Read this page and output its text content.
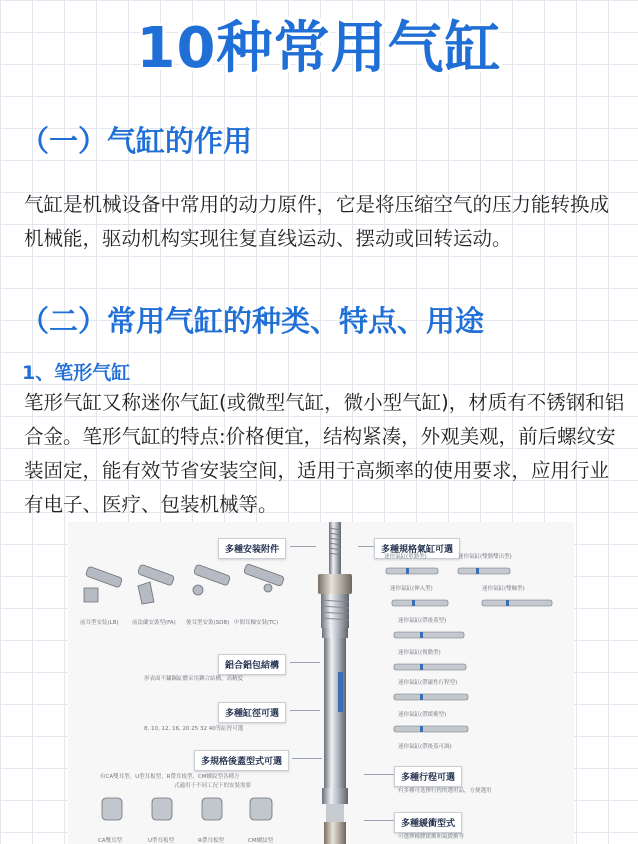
10种常用气缸
（一）气缸的作用
气缸是机械设备中常用的动力原件，它是将压缩空气的压力能转换成机械能，驱动机构实现往复直线运动、摆动或回转运动。
（二）常用气缸的种类、特点、用途
1、笔形气缸
笔形气缸又称迷你气缸(或微型气缸，微小型气缸)，材质有不锈钢和铝合金。笔形气缸的特点:价格便宜，结构紧凑，外观美观，前后螺纹安装固定，能有效节省安装空间，适用于高频率的使用要求，应用行业有电子、医疗、包装机械等。
多種安装附件
鋁合鋁包結構
形表面不鏽鋼缸體采用鉚合結構，高精度
多種缸徑可選
8, 10, 12, 16, 20 25 32 40等缸徑可選
多規格後蓋型式可選
有CA雙耳型、U型耳板型、R帶耳板型、CM螺紋型各種方
式適用于不同工況下的安裝需要
前耳型安装(LB) 前法蘭安裝型(FA) 後耳型安裝(SDB) 中間耳軸安裝(TC)
CA雙耳型	U型耳板型	R帶耳板型	CM螺紋型
多種規格氣缸可選
多種行程可選
有多種可选擇行程的選用品，方便選用
多種緩衝型式
可選擇橡膠緩衝和氣緩衝等
迷你氣缸(單動型)	迷你氣缸(雙動雙出型)
迷你氣缸(伸入型)	迷你氣缸(雙軸型)
迷你氣缸(帶後蓋型)
迷你氣缸(復動型)
迷你氣缸(帶磁性行程型)
迷你氣缸(帶緩衝型)
迷你氣缸(帶後蓋可調)
